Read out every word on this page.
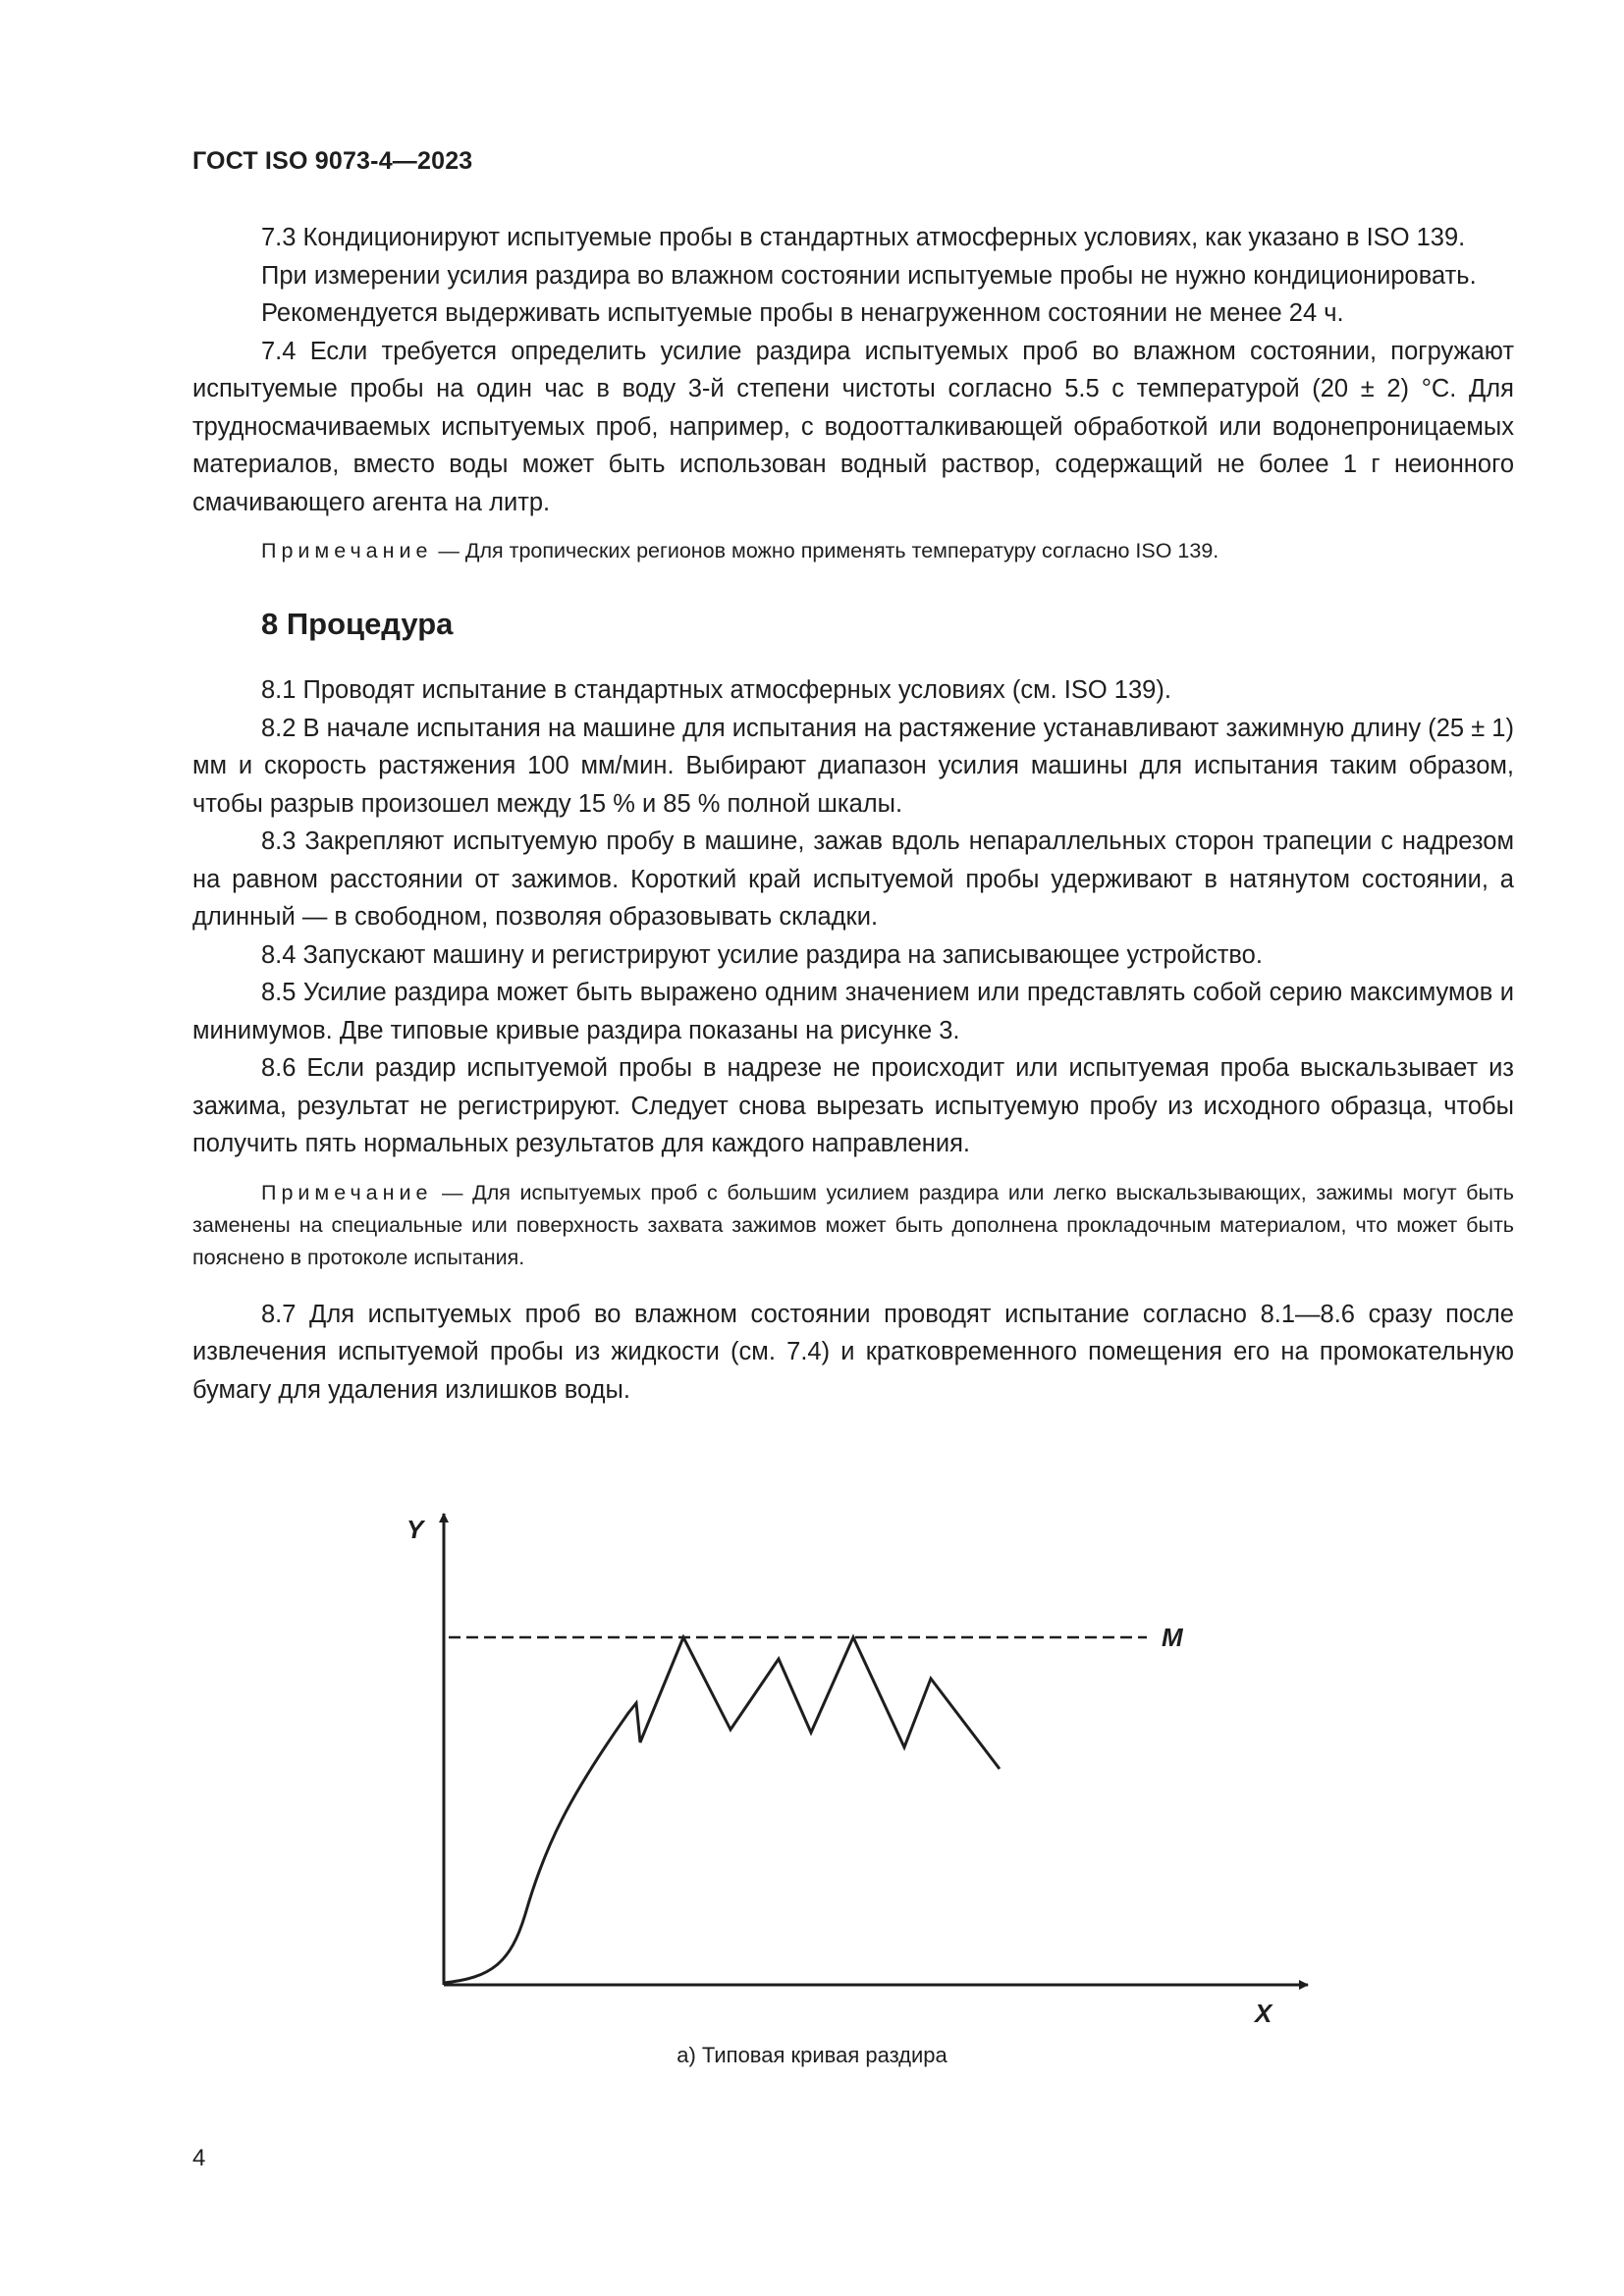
ГОСТ ISO 9073-4—2023

7.3 Кондиционируют испытуемые пробы в стандартных атмосферных условиях, как указано в ISO 139.

При измерении усилия раздира во влажном состоянии испытуемые пробы не нужно кондиционировать.

Рекомендуется выдерживать испытуемые пробы в ненагруженном состоянии не менее 24 ч.

7.4 Если требуется определить усилие раздира испытуемых проб во влажном состоянии, погружают испытуемые пробы на один час в воду 3-й степени чистоты согласно 5.5 с температурой (20 ± 2) °С. Для трудносмачиваемых испытуемых проб, например, с водоотталкивающей обработкой или водонепроницаемых материалов, вместо воды может быть использован водный раствор, содержащий не более 1 г неионного смачивающего агента на литр.

Примечание — Для тропических регионов можно применять температуру согласно ISO 139.

8 Процедура

8.1 Проводят испытание в стандартных атмосферных условиях (см. ISO 139).

8.2 В начале испытания на машине для испытания на растяжение устанавливают зажимную длину (25 ± 1) мм и скорость растяжения 100 мм/мин. Выбирают диапазон усилия машины для испытания таким образом, чтобы разрыв произошел между 15 % и 85 % полной шкалы.

8.3 Закрепляют испытуемую пробу в машине, зажав вдоль непараллельных сторон трапеции с надрезом на равном расстоянии от зажимов. Короткий край испытуемой пробы удерживают в натянутом состоянии, а длинный — в свободном, позволяя образовывать складки.

8.4 Запускают машину и регистрируют усилие раздира на записывающее устройство.

8.5 Усилие раздира может быть выражено одним значением или представлять собой серию максимумов и минимумов. Две типовые кривые раздира показаны на рисунке 3.

8.6 Если раздир испытуемой пробы в надрезе не происходит или испытуемая проба выскальзывает из зажима, результат не регистрируют. Следует снова вырезать испытуемую пробу из исходного образца, чтобы получить пять нормальных результатов для каждого направления.

Примечание — Для испытуемых проб с большим усилием раздира или легко выскальзывающих, зажимы могут быть заменены на специальные или поверхность захвата зажимов может быть дополнена прокладочным материалом, что может быть пояснено в протоколе испытания.

8.7 Для испытуемых проб во влажном состоянии проводят испытание согласно 8.1—8.6 сразу после извлечения испытуемой пробы из жидкости (см. 7.4) и кратковременного помещения его на промокательную бумагу для удаления излишков воды.

Y
X
M
а) Типовая кривая раздира
4
